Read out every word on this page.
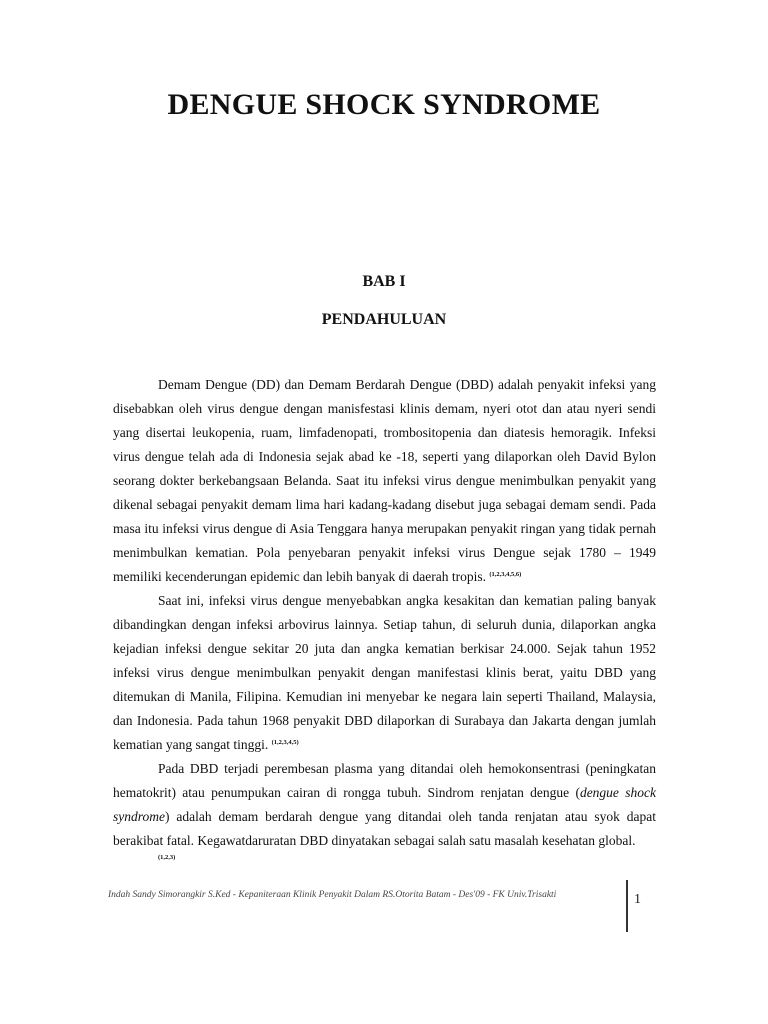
DENGUE SHOCK SYNDROME
BAB I
PENDAHULUAN

Demam Dengue (DD) dan Demam Berdarah Dengue (DBD) adalah penyakit infeksi yang disebabkan oleh virus dengue dengan manisfestasi klinis demam, nyeri otot dan atau nyeri sendi yang disertai leukopenia, ruam, limfadenopati, trombositopenia dan diatesis hemoragik. Infeksi virus dengue telah ada di Indonesia sejak abad ke -18, seperti yang dilaporkan oleh David Bylon seorang dokter berkebangsaan Belanda. Saat itu infeksi virus dengue menimbulkan penyakit yang dikenal sebagai penyakit demam lima hari kadang-kadang disebut juga sebagai demam sendi. Pada masa itu infeksi virus dengue di Asia Tenggara hanya merupakan penyakit ringan yang tidak pernah menimbulkan kematian. Pola penyebaran penyakit infeksi virus Dengue sejak 1780 – 1949 memiliki kecenderungan epidemic dan lebih banyak di daerah tropis. $^{(1,2,3,4,5,6)}$

Saat ini, infeksi virus dengue menyebabkan angka kesakitan dan kematian paling banyak dibandingkan dengan infeksi arbovirus lainnya. Setiap tahun, di seluruh dunia, dilaporkan angka kejadian infeksi dengue sekitar 20 juta dan angka kematian berkisar 24.000. Sejak tahun 1952 infeksi virus dengue menimbulkan penyakit dengan manifestasi klinis berat, yaitu DBD yang ditemukan di Manila, Filipina. Kemudian ini menyebar ke negara lain seperti Thailand, Malaysia, dan Indonesia. Pada tahun 1968 penyakit DBD dilaporkan di Surabaya dan Jakarta dengan jumlah kematian yang sangat tinggi. $^{(1,2,3,4,5)}$

Pada DBD terjadi perembesan plasma yang ditandai oleh hemokonsentrasi (peningkatan hematokrit) atau penumpukan cairan di rongga tubuh. Sindrom renjatan dengue (dengue shock syndrome) adalah demam berdarah dengue yang ditandai oleh tanda renjatan atau syok dapat berakibat fatal. Kegawatdaruratan DBD dinyatakan sebagai salah satu masalah kesehatan global.
(1,2,3)

Indah Sandy Simorangkir S.Ked - Kepaniteraan Klinik Penyakit Dalam RS.Otorita Batam - Des'09 - FK Univ.Trisakti	1
